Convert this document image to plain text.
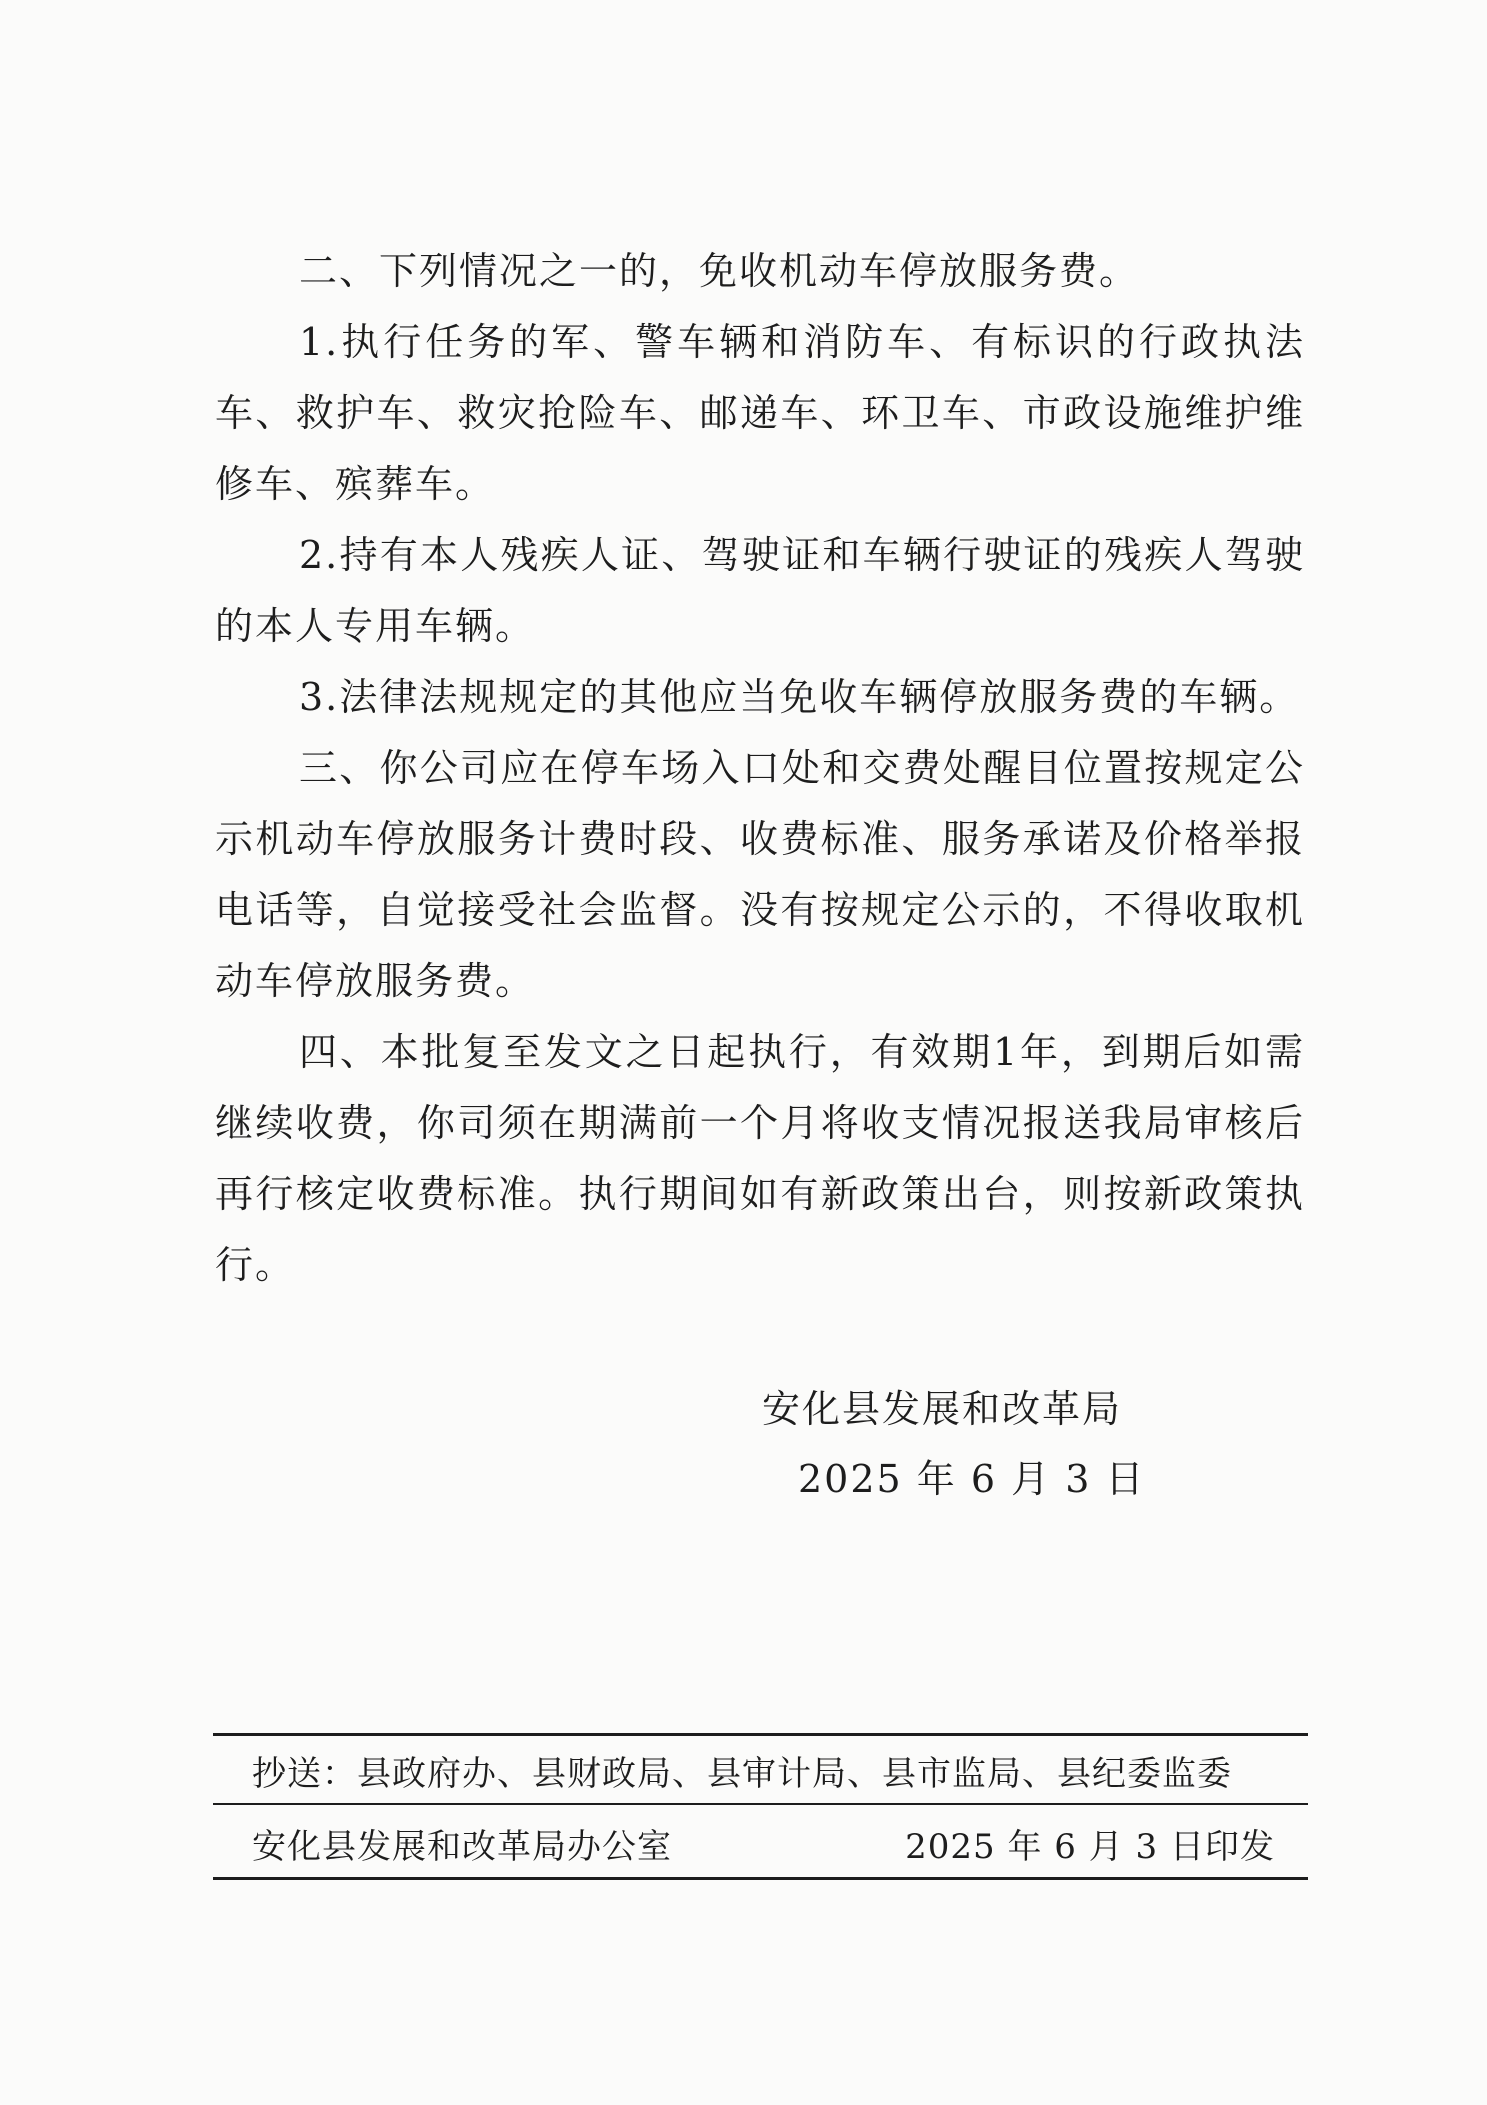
二、下列情况之一的，免收机动车停放服务费。

1.执行任务的军、警车辆和消防车、有标识的行政执法车、救护车、救灾抢险车、邮递车、环卫车、市政设施维护维修车、殡葬车。

2.持有本人残疾人证、驾驶证和车辆行驶证的残疾人驾驶的本人专用车辆。

3.法律法规规定的其他应当免收车辆停放服务费的车辆。

三、你公司应在停车场入口处和交费处醒目位置按规定公示机动车停放服务计费时段、收费标准、服务承诺及价格举报电话等，自觉接受社会监督。没有按规定公示的，不得收取机动车停放服务费。

四、本批复至发文之日起执行，有效期1年，到期后如需继续收费，你司须在期满前一个月将收支情况报送我局审核后再行核定收费标准。执行期间如有新政策出台，则按新政策执行。

安化县发展和改革局
2025 年 6 月 3 日
抄送：县政府办、县财政局、县审计局、县市监局、县纪委监委
安化县发展和改革局办公室	2025 年 6 月 3 日印发
